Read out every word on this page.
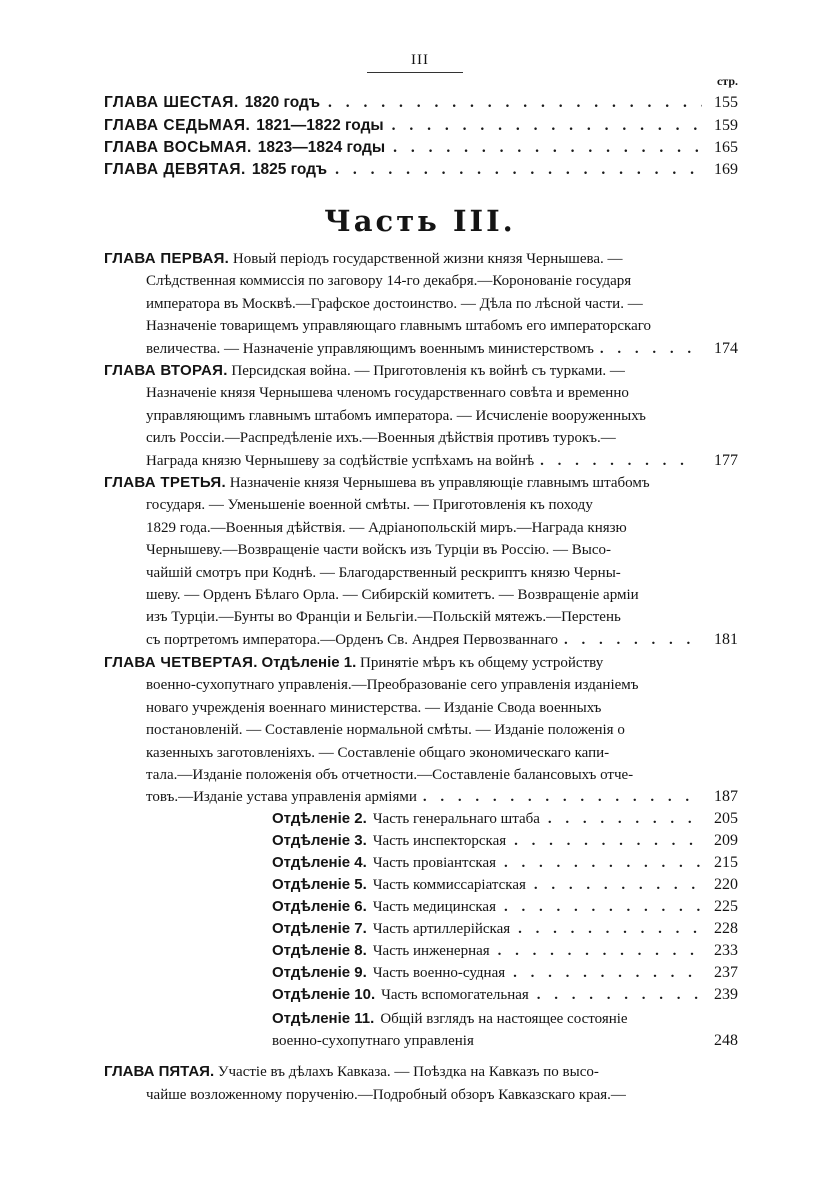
III
стр.
ГЛАВА ШЕСТАЯ. 1820 годъ . . .	155
ГЛАВА СЕДЬМАЯ. 1821—1822 годы . . .	159
ГЛАВА ВОСЬМАЯ. 1823—1824 годы . . .	165
ГЛАВА ДЕВЯТАЯ. 1825 годъ . . .	169
Часть III.
ГЛАВА ПЕРВАЯ. Новый періодъ государственной жизни князя Чернышева. —
Слѣдственная коммиссія по заговору 14-го декабря.—Коронованіе государя
императора въ Москвѣ.—Графское достоинство. — Дѣла по лѣсной части. —
Назначеніе товарищемъ управляющаго главнымъ штабомъ его императорскаго
величества. — Назначеніе управляющимъ военнымъ министерствомъ . . .	174
ГЛАВА ВТОРАЯ. Персидская война. — Приготовленія къ войнѣ съ турками. —
Назначеніе князя Чернышева членомъ государственнаго совѣта и временно
управляющимъ главнымъ штабомъ императора. — Исчисленіе вооруженныхъ
силъ Россіи.—Распредѣленіе ихъ.—Военныя дѣйствія противъ турокъ.—
Награда князю Чернышеву за содѣйствіе успѣхамъ на войнѣ . . .	177
ГЛАВА ТРЕТЬЯ. Назначеніе князя Чернышева въ управляющіе главнымъ штабомъ
государя. — Уменьшеніе военной смѣты. — Приготовленія къ походу
1829 года.—Военныя дѣйствія. — Адріанопольскій миръ.—Награда князю
Чернышеву.—Возвращеніе части войскъ изъ Турціи въ Россію. — Высо-
чайшій смотръ при Коднѣ. — Благодарственный рескриптъ князю Черны-
шеву. — Орденъ Бѣлаго Орла. — Сибирскій комитетъ. — Возвращеніе арміи
изъ Турціи.—Бунты во Франціи и Бельгіи.—Польскій мятежъ.—Перстень
съ портретомъ императора.—Орденъ Св. Андрея Первозваннаго . . .	181
ГЛАВА ЧЕТВЕРТАЯ. Отдѣленіе 1. Принятіе мѣръ къ общему устройству
военно-сухопутнаго управленія.—Преобразованіе сего управленія изданіемъ
новаго учрежденія военнаго министерства. — Изданіе Свода военныхъ
постановленій. — Составленіе нормальной смѣты. — Изданіе положенія о
казенныхъ заготовленіяхъ. — Составленіе общаго экономическаго капи-
тала.—Изданіе положенія объ отчетности.—Составленіе балансовыхъ отче-
товъ.—Изданіе устава управленія арміями . . .	187
Отдѣленіе 2. Часть генеральнаго штаба . . .	205
Отдѣленіе 3. Часть инспекторская . . .	209
Отдѣленіе 4. Часть провіантская . . .	215
Отдѣленіе 5. Часть коммиссаріатская . . .	220
Отдѣленіе 6. Часть медицинская . . .	225
Отдѣленіе 7. Часть артиллерійская . . .	228
Отдѣленіе 8. Часть инженерная . . .	233
Отдѣленіе 9. Часть военно-судная . . .	237
Отдѣленіе 10. Часть вспомогательная . . .	239
Отдѣленіе 11. Общій взглядъ на настоящее состояніе
военно-сухопутнаго управленія	248
ГЛАВА ПЯТАЯ. Участіе въ дѣлахъ Кавказа. — Поѣздка на Кавказъ по высо-
чайше возложенному порученію.—Подробный обзоръ Кавказскаго края.—
